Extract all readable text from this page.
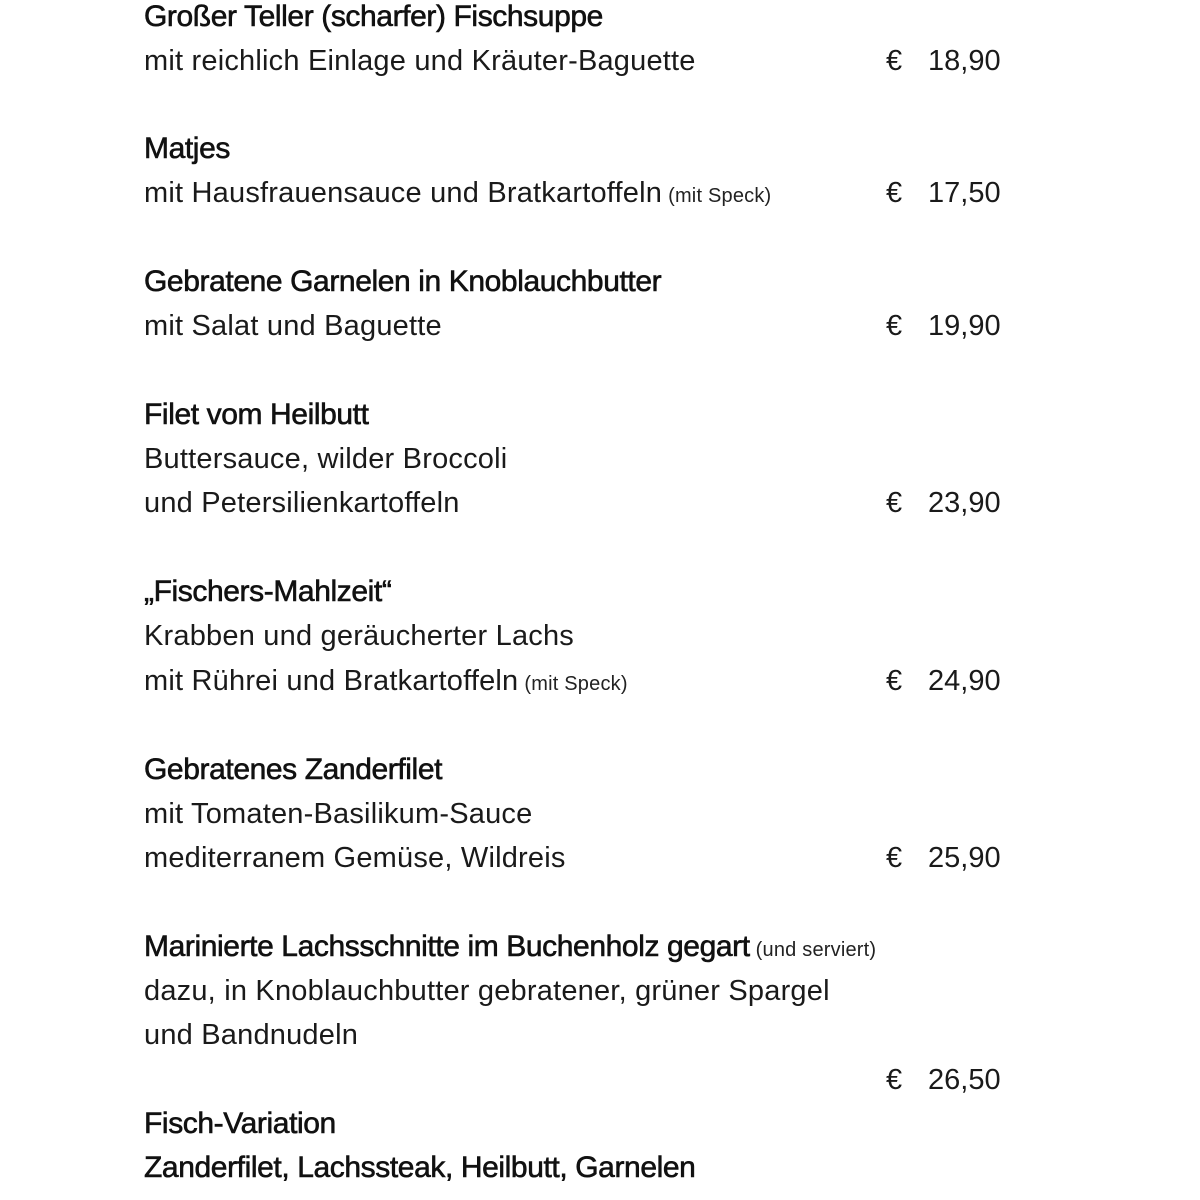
Großer Teller (scharfer) Fischsuppe
mit reichlich Einlage und Kräuter-Baguette	€ 18,90
Matjes
mit Hausfrauensauce und Bratkartoffeln (mit Speck)	€ 17,50
Gebratene Garnelen in Knoblauchbutter
mit Salat und Baguette	€ 19,90
Filet vom Heilbutt
Buttersauce, wilder Broccoli
und Petersilienkartoffeln	€ 23,90
„Fischers-Mahlzeit“
Krabben und geräucherter Lachs
mit Rührei und Bratkartoffeln (mit Speck)	€ 24,90
Gebratenes Zanderfilet
mit Tomaten-Basilikum-Sauce
mediterranem Gemüse, Wildreis	€ 25,90
Marinierte Lachsschnitte im Buchenholz gegart (und serviert)
dazu, in Knoblauchbutter gebratener, grüner Spargel
und Bandnudeln
€ 26,50
Fisch-Variation
Zanderfilet, Lachssteak, Heilbutt, Garnelen
